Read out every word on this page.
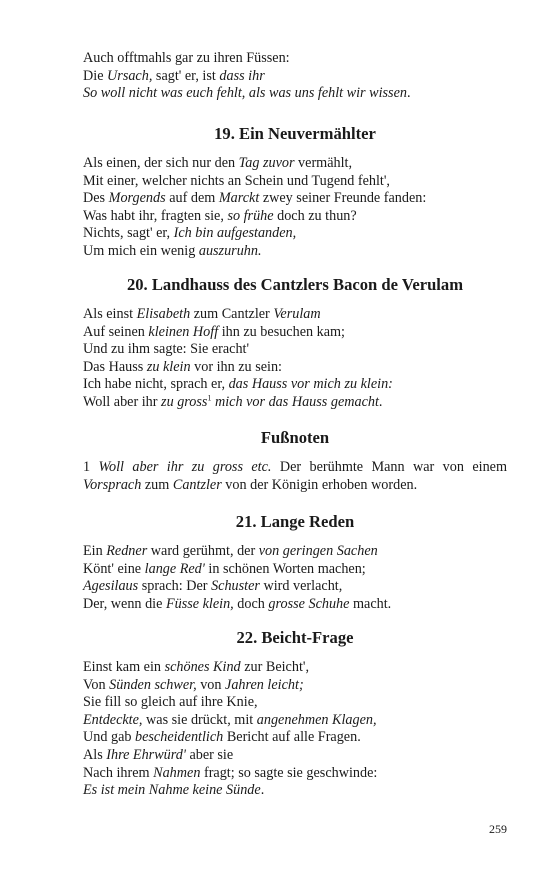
Auch offtmahls gar zu ihren Füssen:
Die Ursach, sagt' er, ist dass ihr
So woll nicht was euch fehlt, als was uns fehlt wir wissen.
19. Ein Neuvermählter
Als einen, der sich nur den Tag zuvor vermählt,
Mit einer, welcher nichts an Schein und Tugend fehlt',
Des Morgends auf dem Marckt zwey seiner Freunde fanden:
Was habt ihr, fragten sie, so frühe doch zu thun?
Nichts, sagt' er, Ich bin aufgestanden,
Um mich ein wenig auszuruhn.
20. Landhauss des Cantzlers Bacon de Verulam
Als einst Elisabeth zum Cantzler Verulam
Auf seinen kleinen Hoff ihn zu besuchen kam;
Und zu ihm sagte: Sie eracht'
Das Hauss zu klein vor ihn zu sein:
Ich habe nicht, sprach er, das Hauss vor mich zu klein:
Woll aber ihr zu gross$^1$ mich vor das Hauss gemacht.
Fußnoten
1 Woll aber ihr zu gross etc. Der berühmte Mann war von einem Vorsprach zum Cantzler von der Königin erhoben worden.
21. Lange Reden
Ein Redner ward gerühmt, der von geringen Sachen
Könt' eine lange Red' in schönen Worten machen;
Agesilaus sprach: Der Schuster wird verlacht,
Der, wenn die Füsse klein, doch grosse Schuhe macht.
22. Beicht-Frage
Einst kam ein schönes Kind zur Beicht',
Von Sünden schwer, von Jahren leicht;
Sie fill so gleich auf ihre Knie,
Entdeckte, was sie drückt, mit angenehmen Klagen,
Und gab bescheidentlich Bericht auf alle Fragen.
Als Ihre Ehrwürd' aber sie
Nach ihrem Nahmen fragt; so sagte sie geschwinde:
Es ist mein Nahme keine Sünde.
259
